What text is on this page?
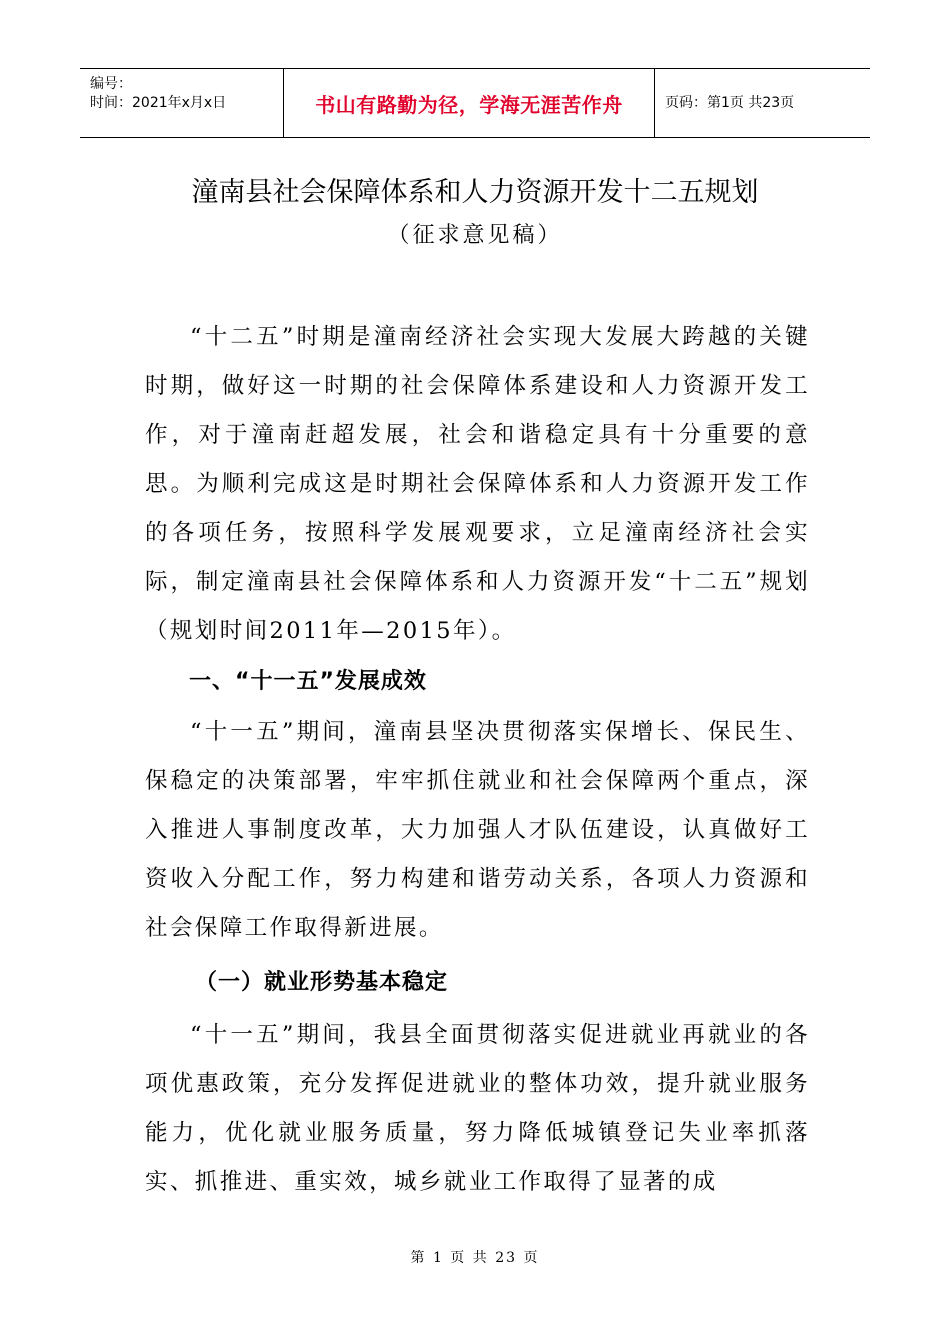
编号：
时间：2021年x月x日	书山有路勤为径，学海无涯苦作舟	页码：第1页 共23页
潼南县社会保障体系和人力资源开发十二五规划
（征求意见稿）

“十二五”时期是潼南经济社会实现大发展大跨越的关键时期，做好这一时期的社会保障体系建设和人力资源开发工作，对于潼南赶超发展，社会和谐稳定具有十分重要的意思。为顺利完成这是时期社会保障体系和人力资源开发工作的各项任务，按照科学发展观要求，立足潼南经济社会实际，制定潼南县社会保障体系和人力资源开发“十二五”规划（规划时间2011年—2015年）。

一、“十一五”发展成效

“十一五”期间，潼南县坚决贯彻落实保增长、保民生、保稳定的决策部署，牢牢抓住就业和社会保障两个重点，深入推进人事制度改革，大力加强人才队伍建设，认真做好工资收入分配工作，努力构建和谐劳动关系，各项人力资源和社会保障工作取得新进展。

（一）就业形势基本稳定

“十一五”期间，我县全面贯彻落实促进就业再就业的各项优惠政策，充分发挥促进就业的整体功效，提升就业服务能力，优化就业服务质量，努力降低城镇登记失业率抓落实、抓推进、重实效，城乡就业工作取得了显著的成

第 1 页 共 23 页
